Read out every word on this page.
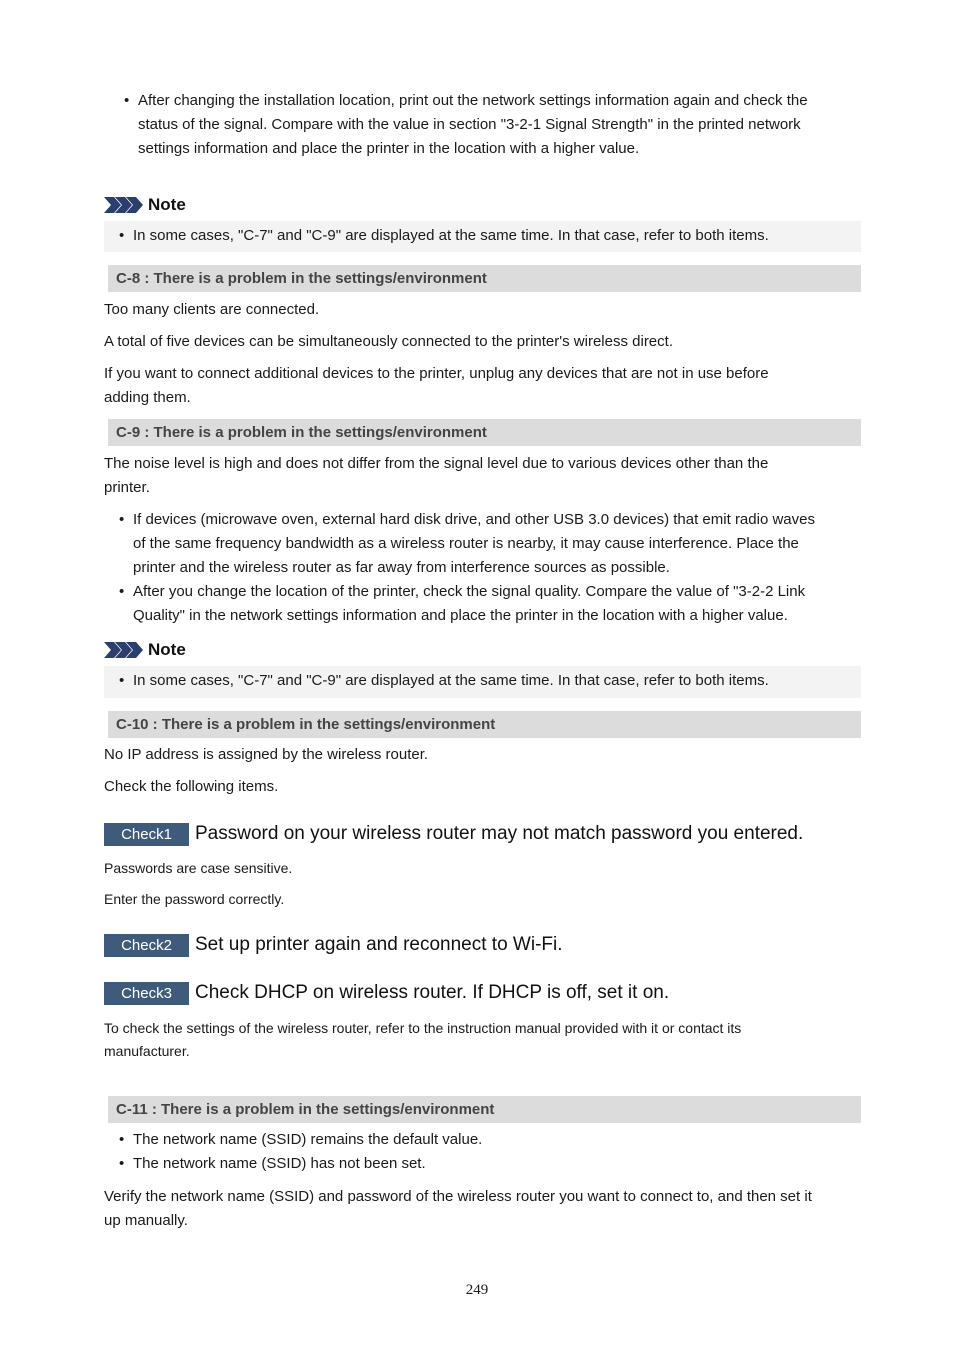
• After changing the installation location, print out the network settings information again and check the
status of the signal. Compare with the value in section "3-2-1 Signal Strength" in the printed network
settings information and place the printer in the location with a higher value.
Note
• In some cases, "C-7" and "C-9" are displayed at the same time. In that case, refer to both items.
C-8 : There is a problem in the settings/environment
Too many clients are connected.
A total of five devices can be simultaneously connected to the printer's wireless direct.
If you want to connect additional devices to the printer, unplug any devices that are not in use before
adding them.
C-9 : There is a problem in the settings/environment
The noise level is high and does not differ from the signal level due to various devices other than the
printer.
• If devices (microwave oven, external hard disk drive, and other USB 3.0 devices) that emit radio waves
of the same frequency bandwidth as a wireless router is nearby, it may cause interference. Place the
printer and the wireless router as far away from interference sources as possible.
• After you change the location of the printer, check the signal quality. Compare the value of "3-2-2 Link
Quality" in the network settings information and place the printer in the location with a higher value.
Note
• In some cases, "C-7" and "C-9" are displayed at the same time. In that case, refer to both items.
C-10 : There is a problem in the settings/environment
No IP address is assigned by the wireless router.
Check the following items.
Check1	Password on your wireless router may not match password you entered.
Passwords are case sensitive.
Enter the password correctly.
Check2	Set up printer again and reconnect to Wi-Fi.
Check3	Check DHCP on wireless router. If DHCP is off, set it on.
To check the settings of the wireless router, refer to the instruction manual provided with it or contact its
manufacturer.
C-11 : There is a problem in the settings/environment
• The network name (SSID) remains the default value.
• The network name (SSID) has not been set.
Verify the network name (SSID) and password of the wireless router you want to connect to, and then set it
up manually.
249
